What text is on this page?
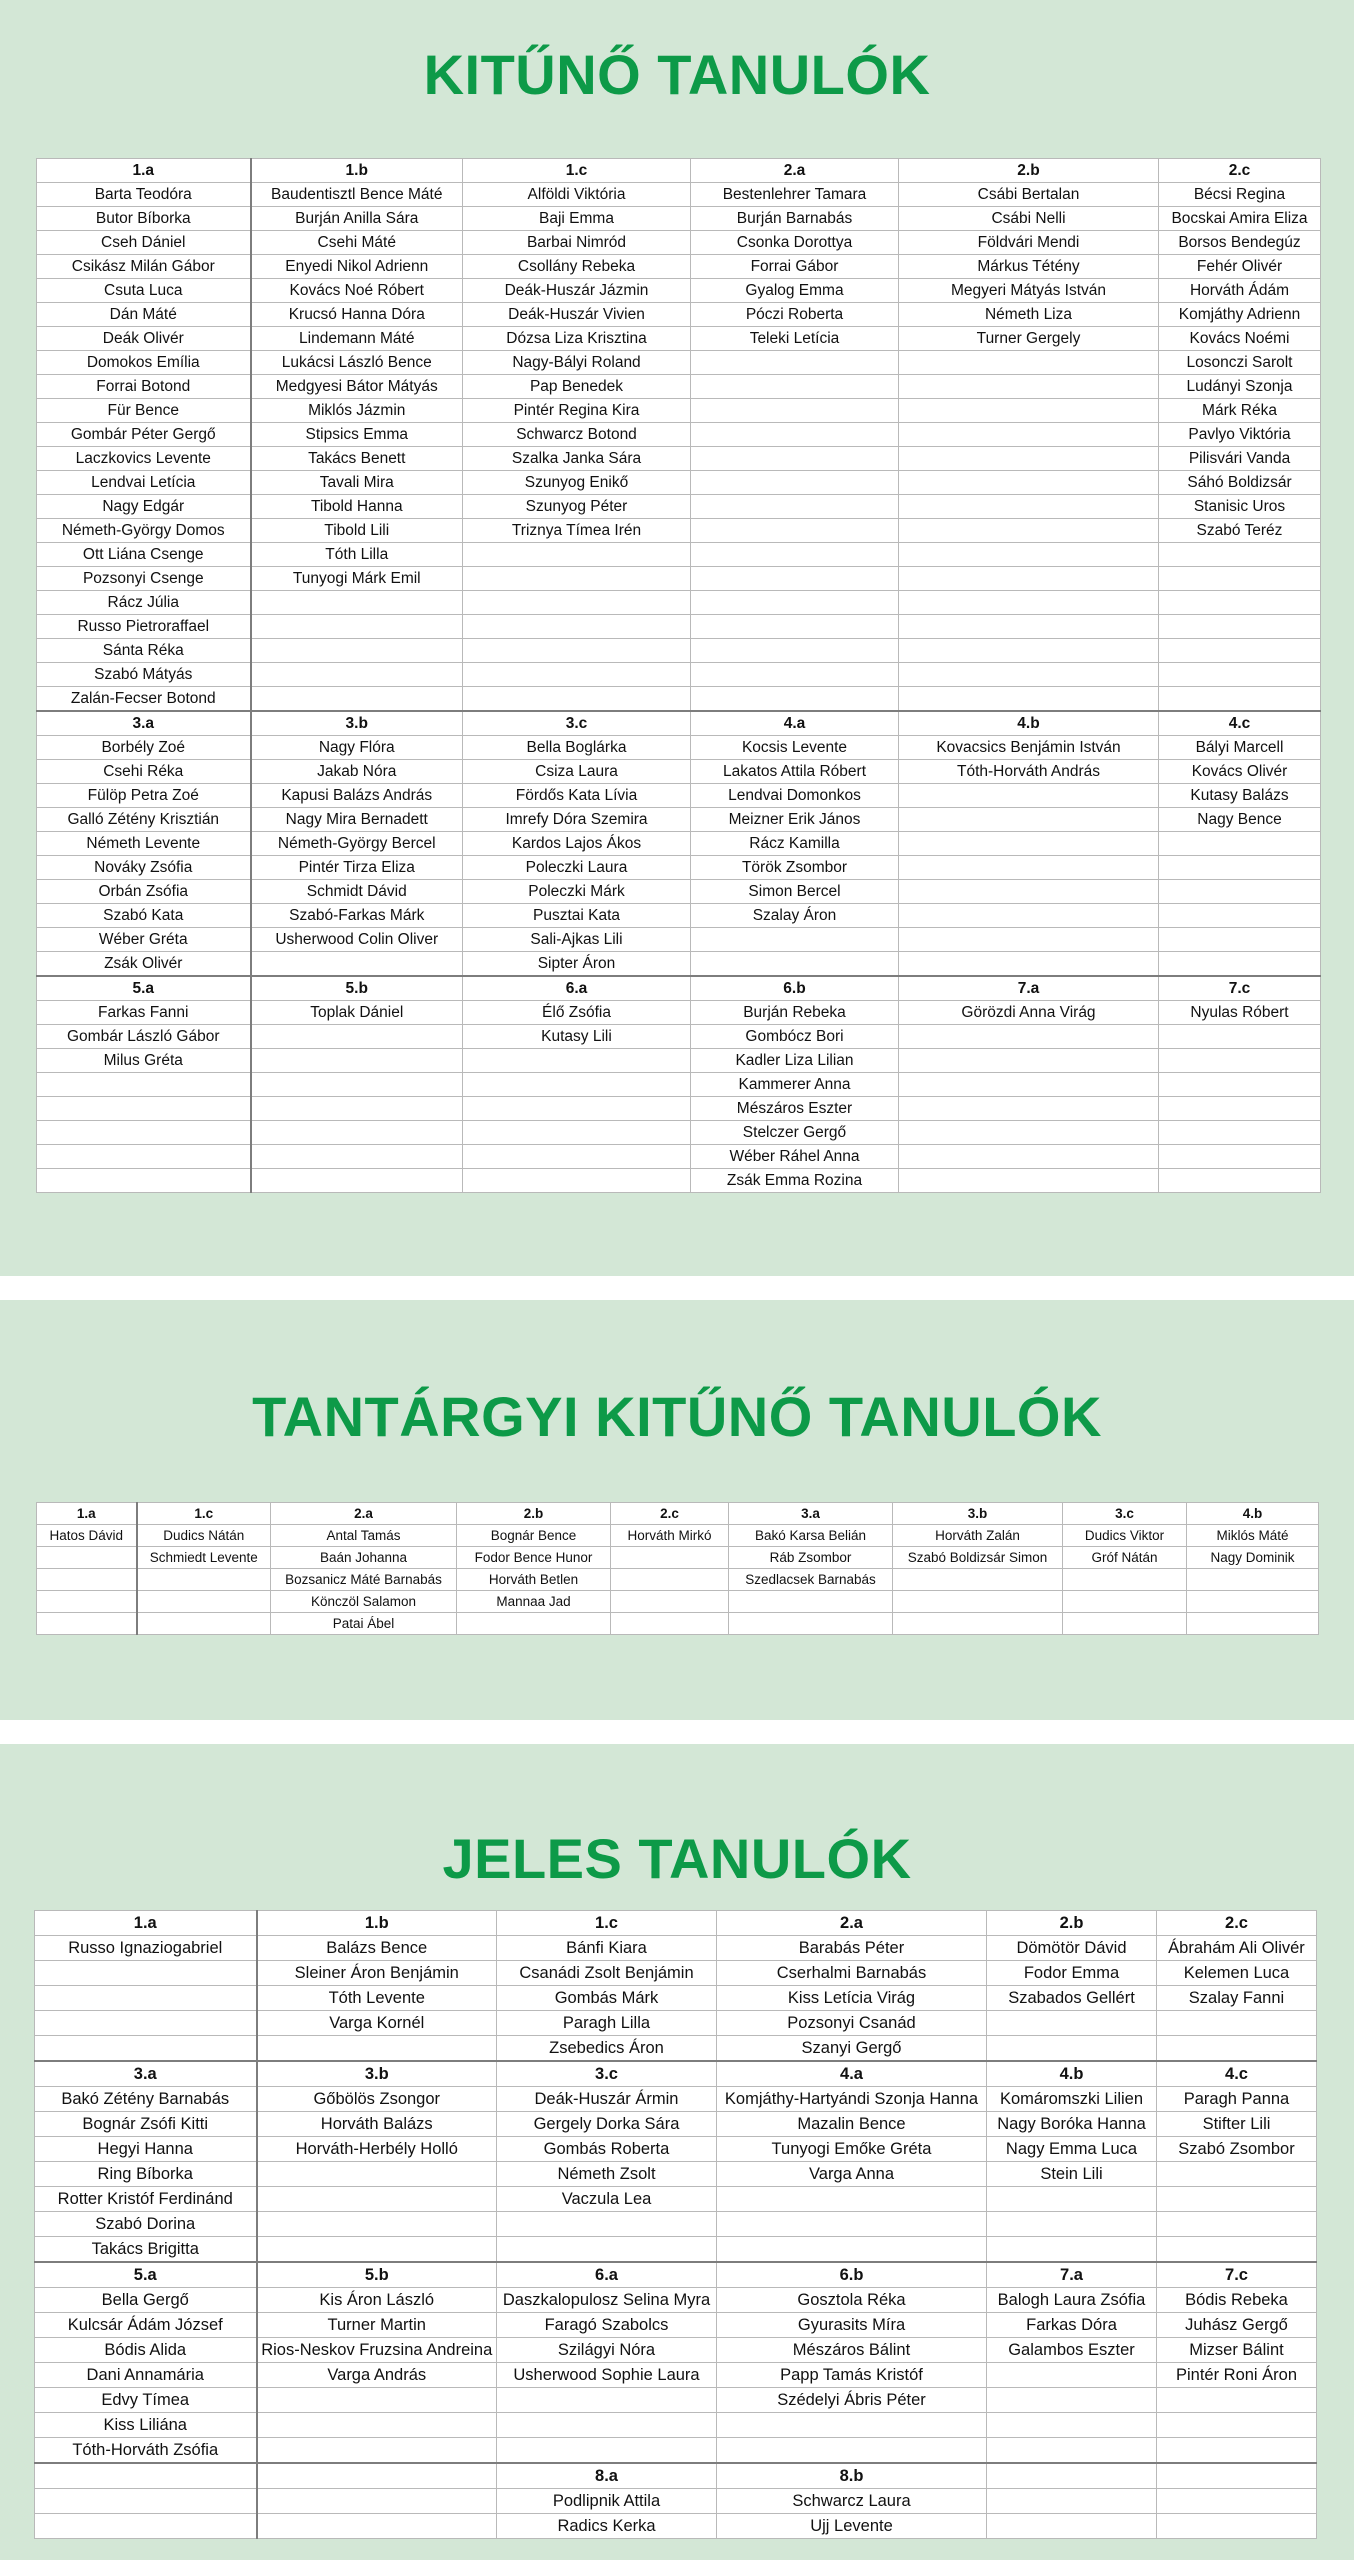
KITŰNŐ TANULÓK
1.a	1.b	1.c	2.a	2.b	2.c
Barta Teodóra	Baudentisztl Bence Máté	Alföldi Viktória	Bestenlehrer Tamara	Csábi Bertalan	Bécsi Regina
Butor Bíborka	Burján Anilla Sára	Baji Emma	Burján Barnabás	Csábi Nelli	Bocskai Amira Eliza
Cseh Dániel	Csehi Máté	Barbai Nimród	Csonka Dorottya	Földvári Mendi	Borsos Bendegúz
Csikász Milán Gábor	Enyedi Nikol Adrienn	Csollány Rebeka	Forrai Gábor	Márkus Tétény	Fehér Olivér
Csuta Luca	Kovács Noé Róbert	Deák-Huszár Jázmin	Gyalog Emma	Megyeri Mátyás István	Horváth Ádám
Dán Máté	Krucsó Hanna Dóra	Deák-Huszár Vivien	Póczi Roberta	Németh Liza	Komjáthy Adrienn
Deák Olivér	Lindemann Máté	Dózsa Liza Krisztina	Teleki Letícia	Turner Gergely	Kovács Noémi
Domokos Emília	Lukácsi László Bence	Nagy-Bályi Roland			Losonczi Sarolt
Forrai Botond	Medgyesi Bátor Mátyás	Pap Benedek			Ludányi Szonja
Für Bence	Miklós Jázmin	Pintér Regina Kira			Márk Réka
Gombár Péter Gergő	Stipsics Emma	Schwarcz Botond			Pavlyo Viktória
Laczkovics Levente	Takács Benett	Szalka Janka Sára			Pilisvári Vanda
Lendvai Letícia	Tavali Mira	Szunyog Enikő			Sáhó Boldizsár
Nagy Edgár	Tibold Hanna	Szunyog Péter			Stanisic Uros
Németh-György Domos	Tibold Lili	Triznya Tímea Irén			Szabó Teréz
Ott Liána Csenge	Tóth Lilla				
Pozsonyi Csenge	Tunyogi Márk Emil				
Rácz Júlia					
Russo Pietroraffael					
Sánta Réka					
Szabó Mátyás					
Zalán-Fecser Botond					
3.a	3.b	3.c	4.a	4.b	4.c
Borbély Zoé	Nagy Flóra	Bella Boglárka	Kocsis Levente	Kovacsics Benjámin István	Bályi Marcell
Csehi Réka	Jakab Nóra	Csiza Laura	Lakatos Attila Róbert	Tóth-Horváth András	Kovács Olivér
Fülöp Petra Zoé	Kapusi Balázs András	Fördős Kata Lívia	Lendvai Domonkos		Kutasy Balázs
Galló Zétény Krisztián	Nagy Mira Bernadett	Imrefy Dóra Szemira	Meizner Erik János		Nagy Bence
Németh Levente	Németh-György Bercel	Kardos Lajos Ákos	Rácz Kamilla		
Nováky Zsófia	Pintér Tirza Eliza	Poleczki Laura	Török Zsombor		
Orbán Zsófia	Schmidt Dávid	Poleczki Márk	Simon Bercel		
Szabó Kata	Szabó-Farkas Márk	Pusztai Kata	Szalay Áron		
Wéber Gréta	Usherwood Colin Oliver	Sali-Ajkas Lili			
Zsák Olivér		Sipter Áron			
5.a	5.b	6.a	6.b	7.a	7.c
Farkas Fanni	Toplak Dániel	Élő Zsófia	Burján Rebeka	Görözdi Anna Virág	Nyulas Róbert
Gombár László Gábor		Kutasy Lili	Gombócz Bori		
Milus Gréta			Kadler Liza Lilian		
			Kammerer Anna		
			Mészáros Eszter		
			Stelczer Gergő		
			Wéber Ráhel Anna		
			Zsák Emma Rozina		
TANTÁRGYI KITŰNŐ TANULÓK
1.a	1.c	2.a	2.b	2.c	3.a	3.b	3.c	4.b
Hatos Dávid	Dudics Nátán	Antal Tamás	Bognár Bence	Horváth Mirkó	Bakó Karsa Belián	Horváth Zalán	Dudics Viktor	Miklós Máté
	Schmiedt Levente	Baán Johanna	Fodor Bence Hunor		Ráb Zsombor	Szabó Boldizsár Simon	Gróf Nátán	Nagy Dominik
		Bozsanicz Máté Barnabás	Horváth Betlen		Szedlacsek Barnabás			
		Könczöl Salamon	Mannaa Jad					
		Patai Ábel						
JELES TANULÓK
1.a	1.b	1.c	2.a	2.b	2.c
Russo Ignaziogabriel	Balázs Bence	Bánfi Kiara	Barabás Péter	Dömötör Dávid	Ábrahám Ali Olivér
	Sleiner Áron Benjámin	Csanádi Zsolt Benjámin	Cserhalmi Barnabás	Fodor Emma	Kelemen Luca
	Tóth Levente	Gombás Márk	Kiss Letícia Virág	Szabados Gellért	Szalay Fanni
	Varga Kornél	Paragh Lilla	Pozsonyi Csanád		
		Zsebedics Áron	Szanyi Gergő		
3.a	3.b	3.c	4.a	4.b	4.c
Bakó Zétény Barnabás	Gőbölös Zsongor	Deák-Huszár Ármin	Komjáthy-Hartyándi Szonja Hanna	Komáromszki Lilien	Paragh Panna
Bognár Zsófi Kitti	Horváth Balázs	Gergely Dorka Sára	Mazalin Bence	Nagy Boróka Hanna	Stifter Lili
Hegyi Hanna	Horváth-Herbély Holló	Gombás Roberta	Tunyogi Emőke Gréta	Nagy Emma Luca	Szabó Zsombor
Ring Bíborka		Németh Zsolt	Varga Anna	Stein Lili	
Rotter Kristóf Ferdinánd		Vaczula Lea			
Szabó Dorina					
Takács Brigitta					
5.a	5.b	6.a	6.b	7.a	7.c
Bella Gergő	Kis Áron László	Daszkalopulosz Selina Myra	Gosztola Réka	Balogh Laura Zsófia	Bódis Rebeka
Kulcsár Ádám József	Turner Martin	Faragó Szabolcs	Gyurasits Míra	Farkas Dóra	Juhász Gergő
Bódis Alida	Rios-Neskov Fruzsina Andreina	Szilágyi Nóra	Mészáros Bálint	Galambos Eszter	Mizser Bálint
Dani Annamária	Varga András	Usherwood Sophie Laura	Papp Tamás Kristóf		Pintér Roni Áron
Edvy Tímea			Szédelyi Ábris Péter		
Kiss Liliána					
Tóth-Horváth Zsófia					
		8.a	8.b		
		Podlipnik Attila	Schwarcz Laura		
		Radics Kerka	Ujj Levente		
